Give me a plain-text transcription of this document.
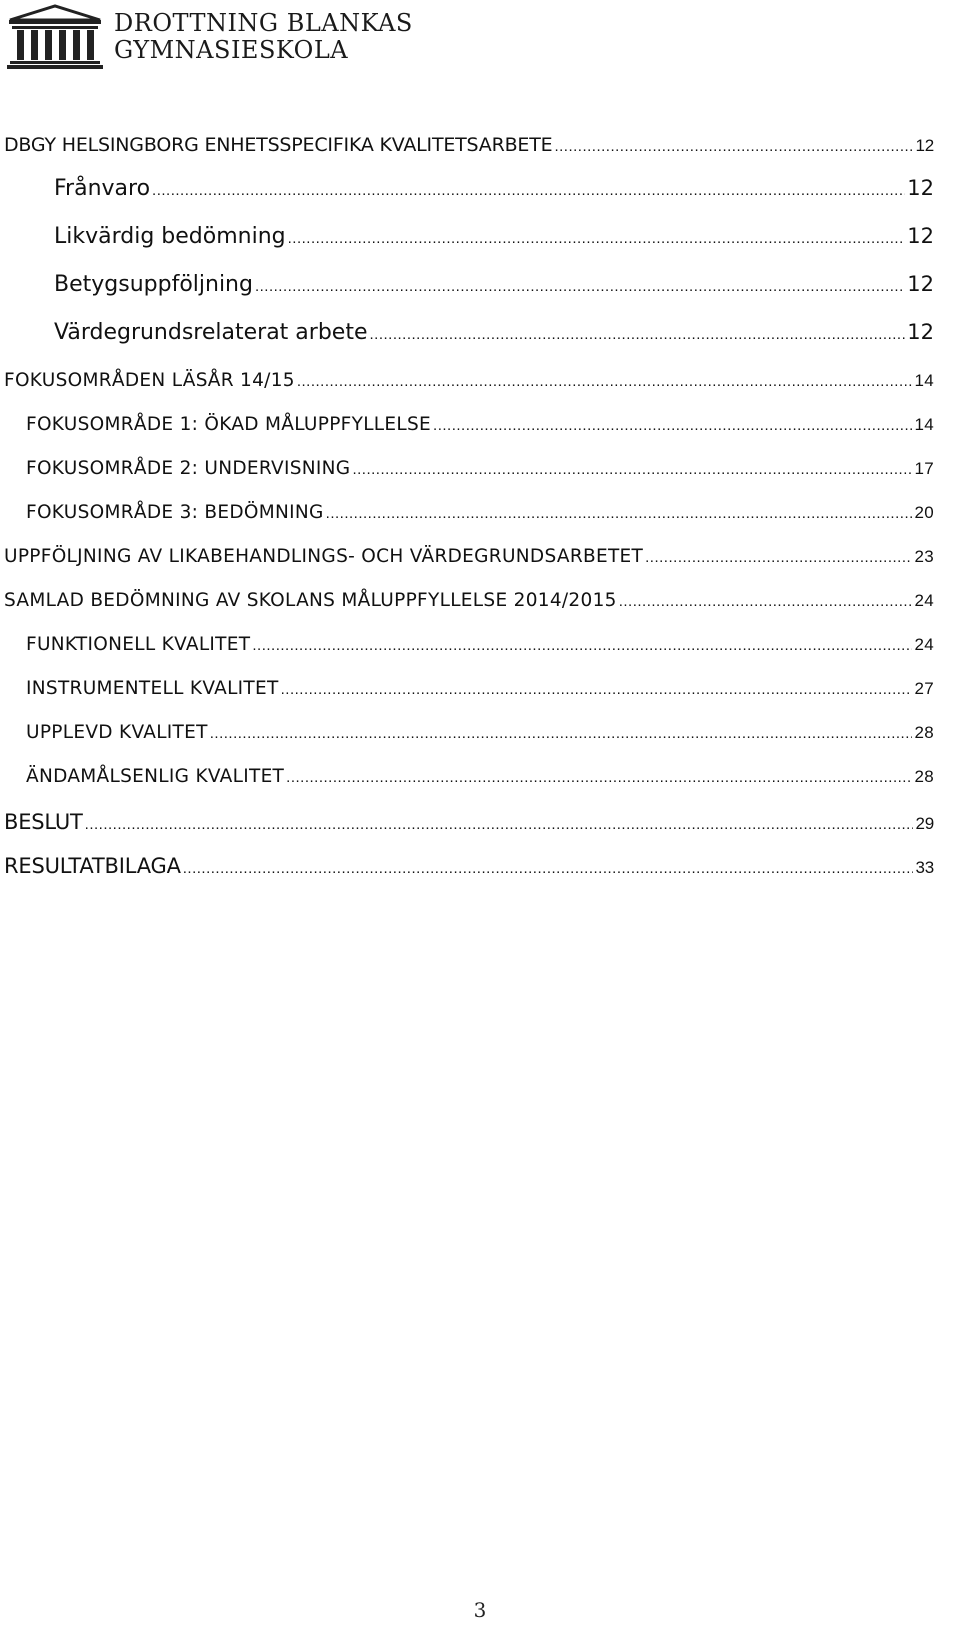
DROTTNING BLANKAS
GYMNASIESKOLA
DBGY HELSINGBORG ENHETSSPECIFIKA KVALITETSARBETE .....	12
Frånvaro .....	12
Likvärdig bedömning .....	12
Betygsuppföljning .....	12
Värdegrundsrelaterat arbete .....	12
FOKUSOMRÅDEN LÄSÅR 14/15 .....	14
FOKUSOMRÅDE 1: ÖKAD MÅLUPPFYLLELSE .....	14
FOKUSOMRÅDE 2: UNDERVISNING .....	17
FOKUSOMRÅDE 3: BEDÖMNING .....	20
UPPFÖLJNING AV LIKABEHANDLINGS- OCH VÄRDEGRUNDSARBETET .....	23
SAMLAD BEDÖMNING AV SKOLANS MÅLUPPFYLLELSE 2014/2015 .....	24
FUNKTIONELL KVALITET .....	24
INSTRUMENTELL KVALITET .....	27
UPPLEVD KVALITET .....	28
ÄNDAMÅLSENLIG KVALITET .....	28
BESLUT .....	29
RESULTATBILAGA .....	33
3
